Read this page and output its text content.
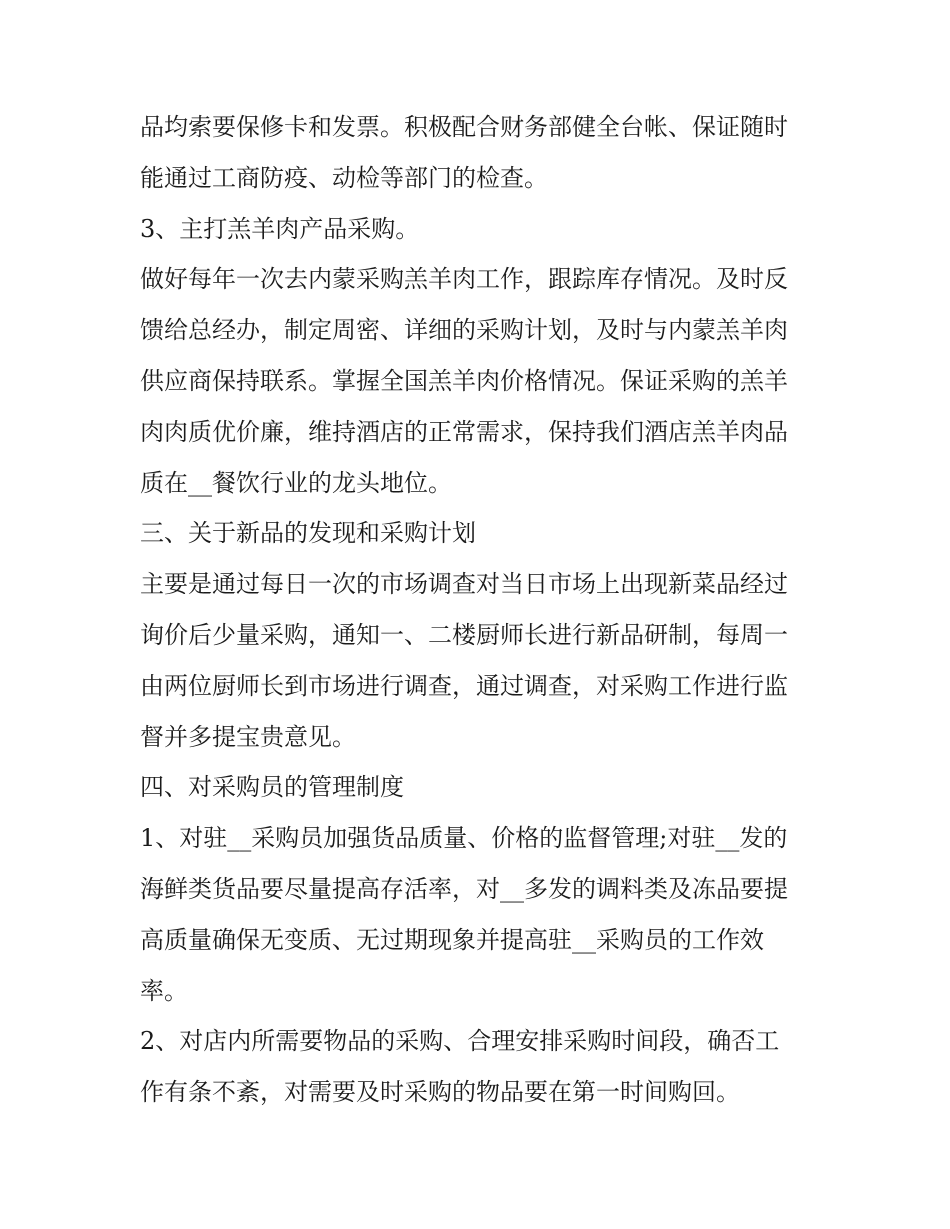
品均索要保修卡和发票。积极配合财务部健全台帐、保证随时

能通过工商防疫、动检等部门的检查。

3、主打羔羊肉产品采购。

做好每年一次去内蒙采购羔羊肉工作，跟踪库存情况。及时反

馈给总经办，制定周密、详细的采购计划，及时与内蒙羔羊肉

供应商保持联系。掌握全国羔羊肉价格情况。保证采购的羔羊

肉肉质优价廉，维持酒店的正常需求，保持我们酒店羔羊肉品

质在__餐饮行业的龙头地位。

三、关于新品的发现和采购计划

主要是通过每日一次的市场调查对当日市场上出现新菜品经过

询价后少量采购，通知一、二楼厨师长进行新品研制，每周一

由两位厨师长到市场进行调查，通过调查，对采购工作进行监

督并多提宝贵意见。

四、对采购员的管理制度

1、对驻__采购员加强货品质量、价格的监督管理;对驻__发的

海鲜类货品要尽量提高存活率，对__多发的调料类及冻品要提

高质量确保无变质、无过期现象并提高驻__采购员的工作效

率。

2、对店内所需要物品的采购、合理安排采购时间段，确否工

作有条不紊，对需要及时采购的物品要在第一时间购回。
